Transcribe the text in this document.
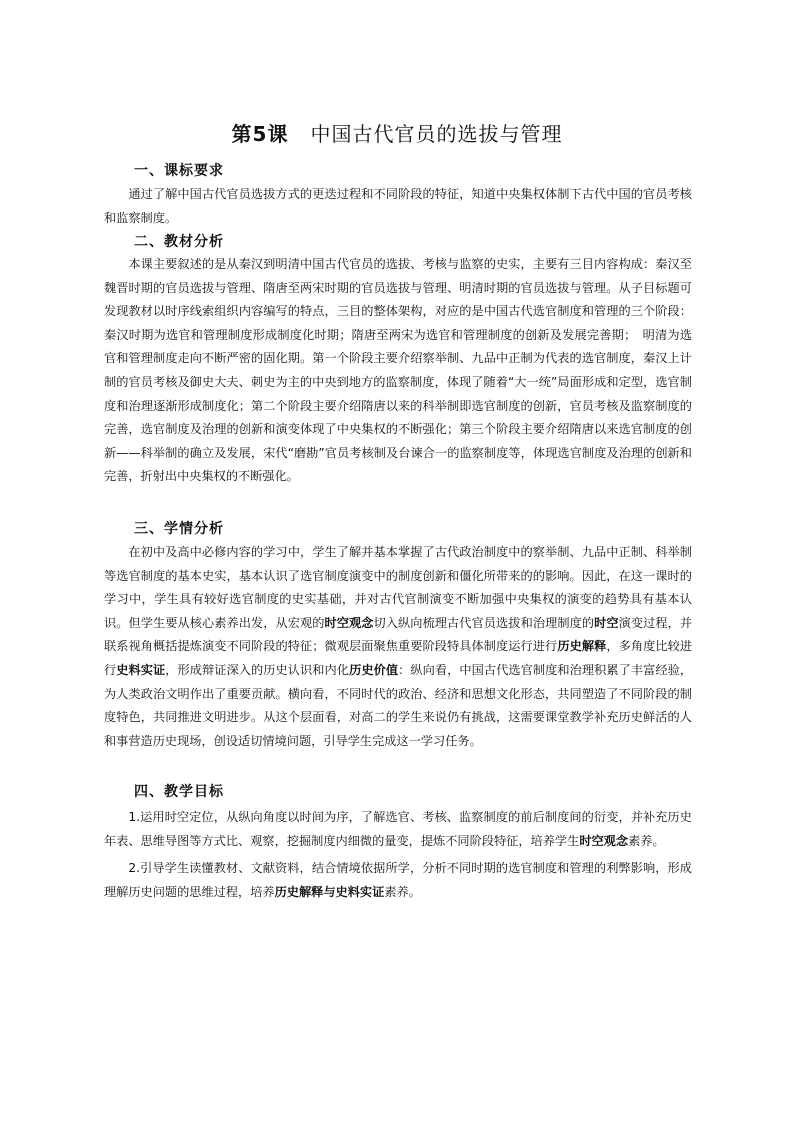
第5课 中国古代官员的选拔与管理
一、课标要求

通过了解中国古代官员选拔方式的更迭过程和不同阶段的特征，知道中央集权体制下古代中国的官员考核和监察制度。

二、教材分析

本课主要叙述的是从秦汉到明清中国古代官员的选拔、考核与监察的史实，主要有三目内容构成：秦汉至魏晋时期的官员选拔与管理、隋唐至两宋时期的官员选拔与管理、明清时期的官员选拔与管理。从子目标题可发现教材以时序线索组织内容编写的特点，三目的整体架构，对应的是中国古代选官制度和管理的三个阶段：秦汉时期为选官和管理制度形成制度化时期；隋唐至两宋为选官和管理制度的创新及发展完善期；　明清为选官和管理制度走向不断严密的固化期。第一个阶段主要介绍察举制、九品中正制为代表的选官制度，秦汉上计制的官员考核及御史大夫、刺史为主的中央到地方的监察制度，体现了随着“大一统”局面形成和定型，选官制度和治理逐渐形成制度化；第二个阶段主要介绍隋唐以来的科举制即选官制度的创新，官员考核及监察制度的完善，选官制度及治理的创新和演变体现了中央集权的不断强化；第三个阶段主要介绍隋唐以来选官制度的创新——科举制的确立及发展，宋代“磨勘”官员考核制及台谏合一的监察制度等，体现选官制度及治理的创新和完善，折射出中央集权的不断强化。

三、学情分析

在初中及高中必修内容的学习中，学生了解并基本掌握了古代政治制度中的察举制、九品中正制、科举制等选官制度的基本史实，基本认识了选官制度演变中的制度创新和僵化所带来的的影响。因此，在这一课时的学习中，学生具有较好选官制度的史实基础，并对古代官制演变不断加强中央集权的演变的趋势具有基本认识。但学生要从核心素养出发，从宏观的时空观念切入纵向梳理古代官员选拔和治理制度的时空演变过程，并联系视角概括提炼演变不同阶段的特征；微观层面聚焦重要阶段特具体制度运行进行历史解释，多角度比较进行史料实证，形成辩证深入的历史认识和内化历史价值：纵向看，中国古代选官制度和治理积累了丰富经验，为人类政治文明作出了重要贡献。横向看，不同时代的政治、经济和思想文化形态，共同塑造了不同阶段的制度特色，共同推进文明进步。从这个层面看，对高二的学生来说仍有挑战，这需要课堂教学补充历史鲜活的人和事营造历史现场，创设适切情境问题，引导学生完成这一学习任务。

四、教学目标

1.运用时空定位，从纵向角度以时间为序，了解选官、考核、监察制度的前后制度间的衍变，并补充历史年表、思维导图等方式比、观察，挖掘制度内细微的量变，提炼不同阶段特征，培养学生时空观念素养。

2.引导学生读懂教材、文献资料，结合情境依据所学，分析不同时期的选官制度和管理的利弊影响，形成理解历史问题的思维过程，培养历史解释与史料实证素养。
